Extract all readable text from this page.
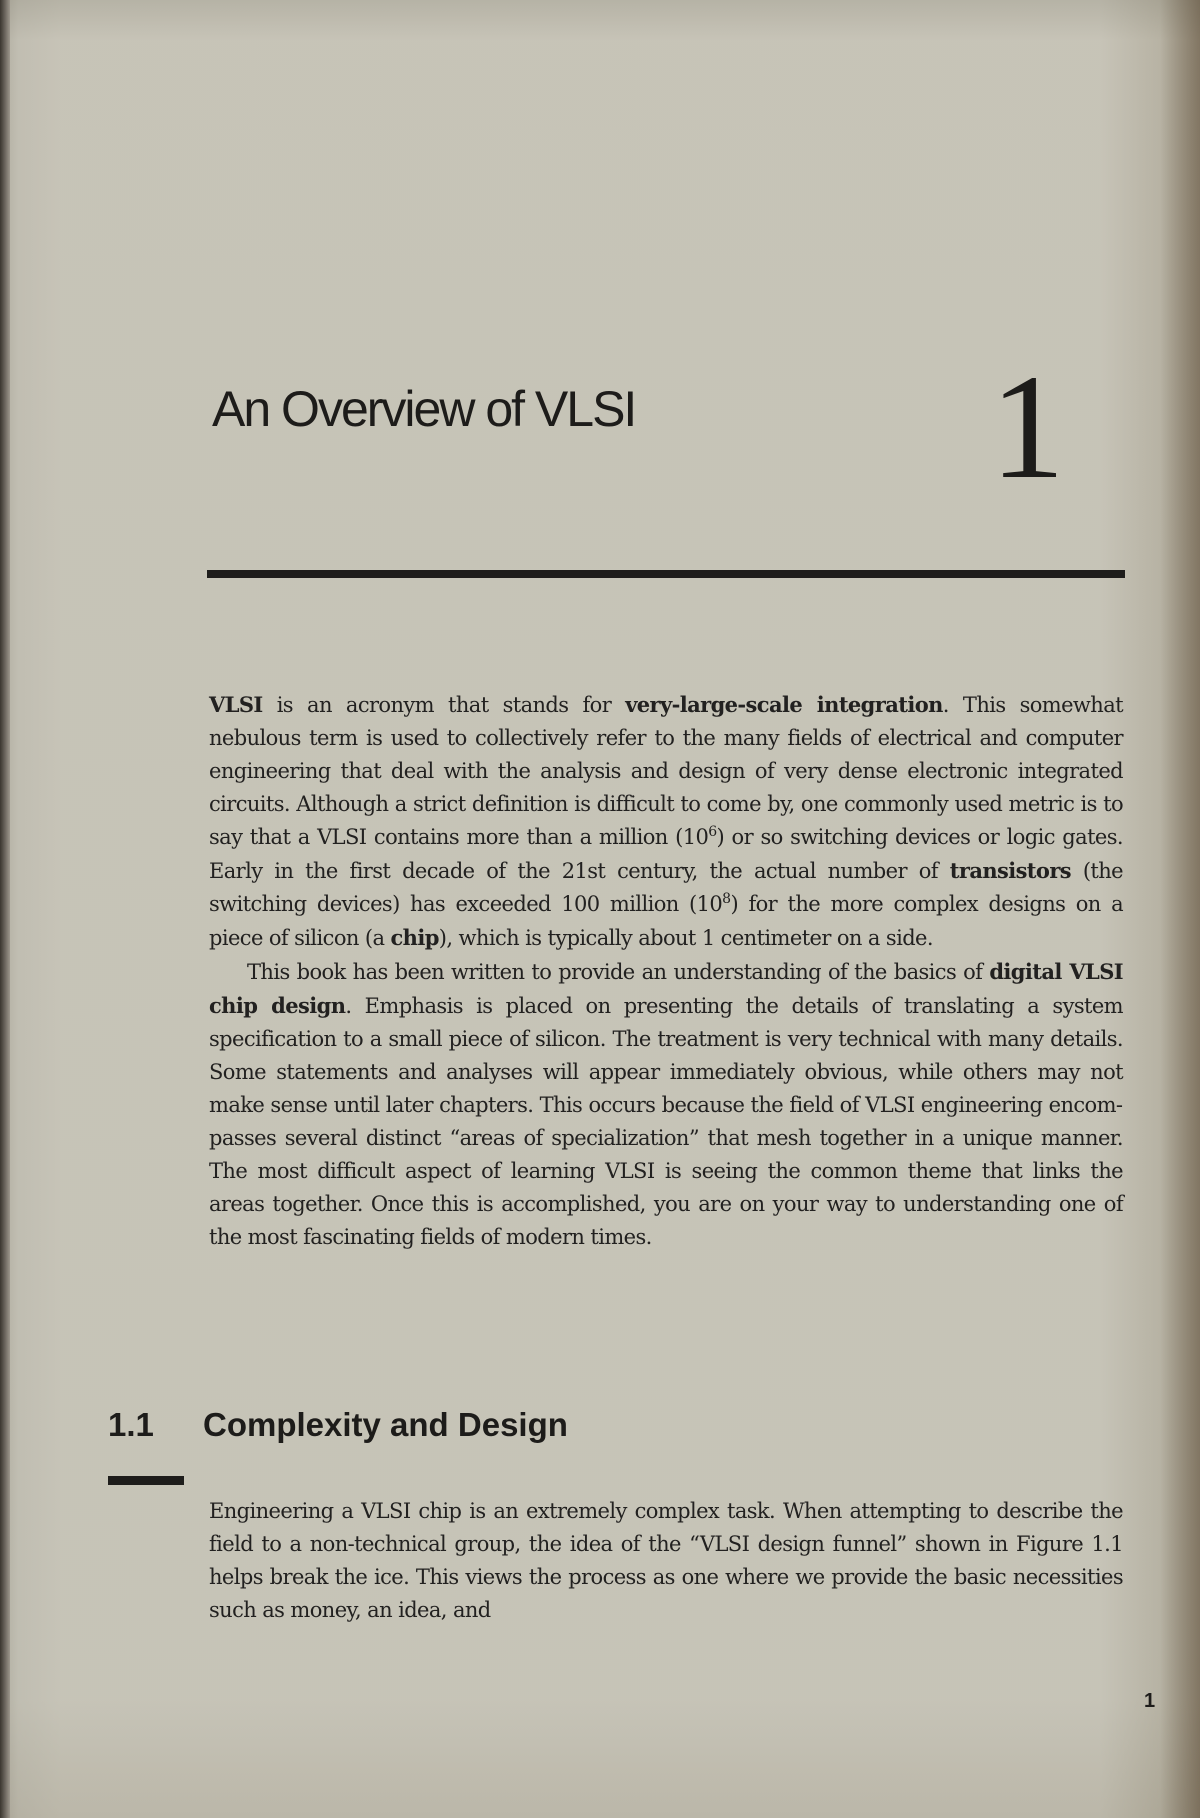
An Overview of VLSI 1

VLSI is an acronym that stands for very-large-scale integration. This somewhat nebulous term is used to collectively refer to the many fields of electrical and computer engineering that deal with the analysis and design of very dense electronic integrated circuits. Although a strict definition is difficult to come by, one commonly used metric is to say that a VLSI contains more than a million $(10^6)$ or so switching devices or logic gates. Early in the first decade of the 21st century, the actual number of transistors (the switching devices) has exceeded 100 million $(10^8)$ for the more complex designs on a piece of silicon (a chip), which is typically about 1 centimeter on a side.

This book has been written to provide an understanding of the basics of digital VLSI chip design. Emphasis is placed on presenting the details of translating a system specification to a small piece of silicon. The treatment is very technical with many details. Some statements and analyses will appear immediately obvious, while others may not make sense until later chapters. This occurs because the field of VLSI engineering encompasses several distinct “areas of specialization” that mesh together in a unique manner. The most difficult aspect of learning VLSI is seeing the common theme that links the areas together. Once this is accomplished, you are on your way to understanding one of the most fascinating fields of modern times.

1.1 Complexity and Design

Engineering a VLSI chip is an extremely complex task. When attempting to describe the field to a non-technical group, the idea of the “VLSI design funnel” shown in Figure 1.1 helps break the ice. This views the process as one where we provide the basic necessities such as money, an idea, and

1
